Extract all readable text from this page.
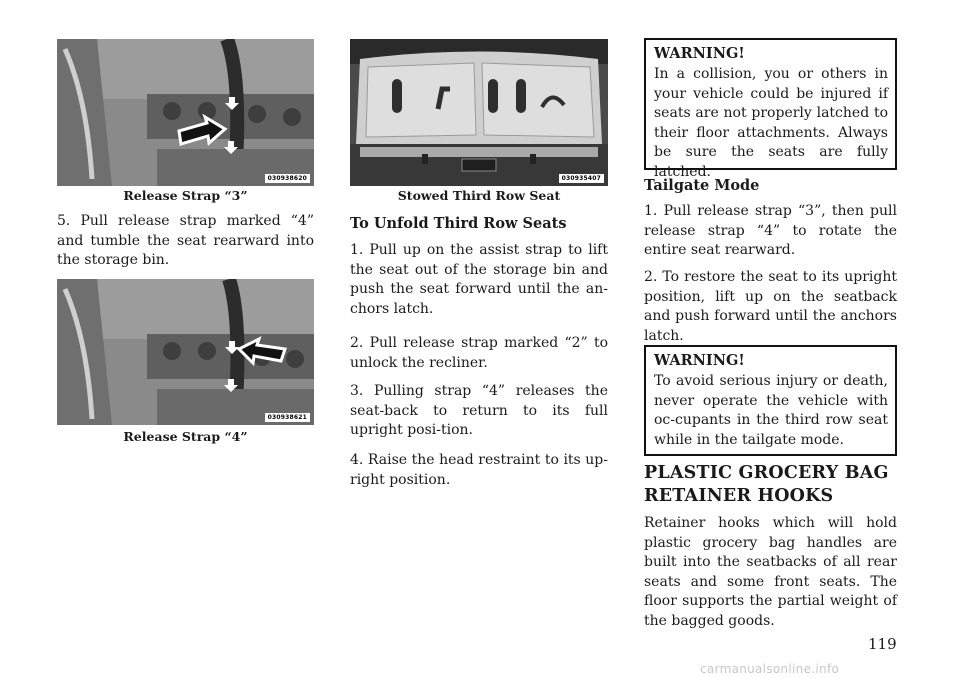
030938620
Release Strap “3”

5. Pull release strap marked “4” and tumble the seat rearward into the storage bin.

030938621
Release Strap “4”
030935407
Stowed Third Row Seat
To Unfold Third Row Seats

1. Pull up on the assist strap to lift the seat out of the storage bin and push the seat forward until the an-chors latch.

2. Pull release strap marked “2” to unlock the recliner.

3. Pulling strap “4” releases the seat-back to return to its full upright posi-tion.

4. Raise the head restraint to its up-right position.

WARNING!

In a collision, you or others in your vehicle could be injured if seats are not properly latched to their floor attachments. Always be sure the seats are fully latched.

Tailgate Mode

1. Pull release strap “3”, then pull release strap “4” to rotate the entire seat rearward.

2. To restore the seat to its upright position, lift up on the seatback and push forward until the anchors latch.

WARNING!

To avoid serious injury or death, never operate the vehicle with oc-cupants in the third row seat while in the tailgate mode.

PLASTIC GROCERY BAG
RETAINER HOOKS

Retainer hooks which will hold plastic grocery bag handles are built into the seatbacks of all rear seats and some front seats. The floor supports the partial weight of the bagged goods.

119
carmanualsonline.info
